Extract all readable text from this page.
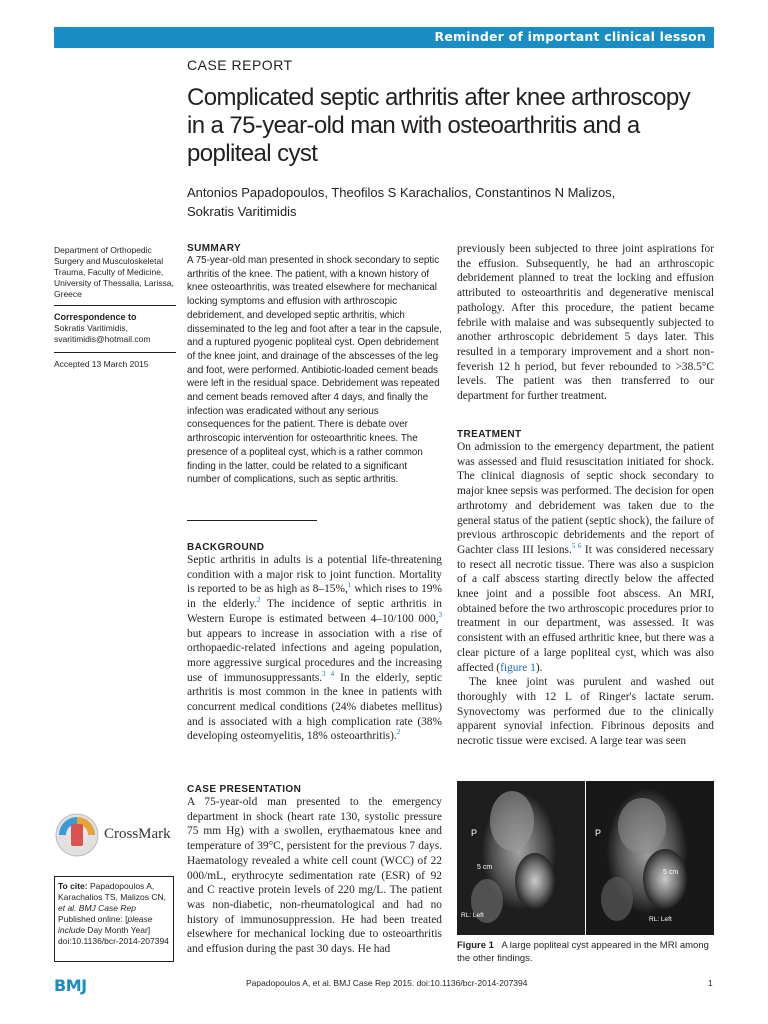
Reminder of important clinical lesson
CASE REPORT
Complicated septic arthritis after knee arthroscopy in a 75-year-old man with osteoarthritis and a popliteal cyst
Antonios Papadopoulos, Theofilos S Karachalios, Constantinos N Malizos,
Sokratis Varitimidis
Department of Orthopedic Surgery and Musculoskeletal Trauma, Faculty of Medicine, University of Thessalia, Larissa, Greece
Correspondence to
Sokratis Varitimidis,
svaritimidis@hotmail.com
Accepted 13 March 2015
SUMMARY
A 75-year-old man presented in shock secondary to septic arthritis of the knee. The patient, with a known history of knee osteoarthritis, was treated elsewhere for mechanical locking symptoms and effusion with arthroscopic debridement, and developed septic arthritis, which disseminated to the leg and foot after a tear in the capsule, and a ruptured pyogenic popliteal cyst. Open debridement of the knee joint, and drainage of the abscesses of the leg and foot, were performed. Antibiotic-loaded cement beads were left in the residual space. Debridement was repeated and cement beads removed after 4 days, and finally the infection was eradicated without any serious consequences for the patient. There is debate over arthroscopic intervention for osteoarthritic knees. The presence of a popliteal cyst, which is a rather common finding in the latter, could be related to a significant number of complications, such as septic arthritis.
BACKGROUND
Septic arthritis in adults is a potential life-threatening condition with a major risk to joint function. Mortality is reported to be as high as 8–15%,$^1$ which rises to 19% in the elderly.$^2$ The incidence of septic arthritis in Western Europe is estimated between 4–10/100 000,$^3$ but appears to increase in association with a rise of orthopaedic-related infections and ageing population, more aggressive surgical procedures and the increasing use of immunosuppressants.$^{3 4}$ In the elderly, septic arthritis is most common in the knee in patients with concurrent medical conditions (24% diabetes mellitus) and is associated with a high complication rate (38% developing osteomyelitis, 18% osteoarthritis).$^2$
CASE PRESENTATION
A 75-year-old man presented to the emergency department in shock (heart rate 130, systolic pressure 75 mm Hg) with a swollen, erythaematous knee and temperature of 39°C, persistent for the previous 7 days. Haematology revealed a white cell count (WCC) of 22 000/mL, erythrocyte sedimentation rate (ESR) of 92 and C reactive protein levels of 220 mg/L. The patient was non-diabetic, non-rheumatological and had no history of immunosuppression. He had been treated elsewhere for mechanical locking due to osteoarthritis and effusion during the past 30 days. He had
previously been subjected to three joint aspirations for the effusion. Subsequently, he had an arthroscopic debridement planned to treat the locking and effusion attributed to osteoarthritis and degenerative meniscal pathology. After this procedure, the patient became febrile with malaise and was subsequently subjected to another arthroscopic debridement 5 days later. This resulted in a temporary improvement and a short non-feverish 12 h period, but fever rebounded to >38.5°C levels. The patient was then transferred to our department for further treatment.
TREATMENT
On admission to the emergency department, the patient was assessed and fluid resuscitation initiated for shock. The clinical diagnosis of septic shock secondary to major knee sepsis was performed. The decision for open arthrotomy and debridement was taken due to the general status of the patient (septic shock), the failure of previous arthroscopic debridements and the report of Gachter class III lesions.$^{5 6}$ It was considered necessary to resect all necrotic tissue. There was also a suspicion of a calf abscess starting directly below the affected knee joint and a possible foot abscess. An MRI, obtained before the two arthroscopic procedures prior to treatment in our department, was assessed. It was consistent with an effused arthritic knee, but there was a clear picture of a large popliteal cyst, which was also affected (figure 1).
The knee joint was purulent and washed out thoroughly with 12 L of Ringer's lactate serum. Synovectomy was performed due to the clinically apparent synovial infection. Fibrinous deposits and necrotic tissue were excised. A large tear was seen
P	P
5 cm
5 cm
RL: Left
RL: Left
Figure 1 A large popliteal cyst appeared in the MRI among the other findings.
CrossMark
To cite: Papadopoulos A, Karachalios TS, Malizos CN, et al. BMJ Case Rep
Published online: [please include Day Month Year] doi:10.1136/bcr-2014-207394
BMJ	Papadopoulos A, et al. BMJ Case Rep 2015. doi:10.1136/bcr-2014-207394	1
